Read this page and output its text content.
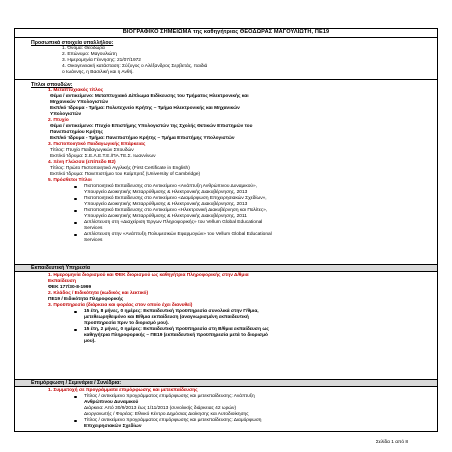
ΒΙΟΓΡΑΦΙΚΟ ΣΗΜΕΙΩΜΑ της καθηγήτριας ΘΕΟΔΩΡΑΣ ΜΑΓΟΥΛΙΩΤΗ, ΠΕ19
Προσωπικά στοιχεία υπαλλήλου:
1. Όνομα: Θεοδώρα
2. Επώνυμο: Μαγουλιώτη
3. Ημερομηνία Γέννησης: 21/07/1972
4. Οικογενειακή κατάσταση: Σύζυγος ο Αλέξανδρος Σερβετάς, παιδιά
ο Ιωάννης, η Βασιλική και η Ανθή.
Τίτλοι σπουδών:
1. Μεταπτυχιακός τίτλος
Θέμα / αντικείμενο: Μεταπτυχιακό Δίπλωμα Ειδίκευσης του Τμήματος Ηλεκτρονικής και
Μηχανικών Υπολογιστών
Εκπ/κό Ίδρυμα - Τμήμα: Πολυτεχνείο Κρήτης – Τμήμα Ηλεκτρονικής και Μηχανικών
Υπολογιστών
2. Πτυχίο
Θέμα / αντικείμενο: Πτυχίο Επιστήμης Υπολογιστών της Σχολής Θετικών Επιστημών του
Πανεπιστημίου Κρήτης
Εκπ/κό Ίδρυμα - Τμήμα: Πανεπιστήμιο Κρήτης – Τμήμα Επιστήμης Υπολογιστών
3. Πιστοποιητικό Παιδαγωγικής Επάρκειας
Τίτλος: Πτυχίο Παιδαγωγικών Σπουδών
Εκπ/κό Ίδρυμα: Σ.Ε.Λ.Ε.Τ.Ε./ΠΑ.ΤΕ.Σ. Ιωαννίνων
4. Ξένη Γλώσσα (επίπεδο Β2)
Τίτλος: Πρώτο Πιστοποιητικό Αγγλικής (First Certificate in English)
Εκπ/κό Ίδρυμα: Πανεπιστήμιο του Καίμπριτζ (University of Cambridge)
5. Πρόσθετοι Τίτλοι
Πιστοποιητικό Εκπαίδευσης στο Αντικείμενο «Ανάπτυξη Ανθρώπινου Δυναμικού»,
Υπουργείο Διοικητικής Μεταρρύθμισης & Ηλεκτρονικής Διακυβέρνησης, 2013
Πιστοποιητικό Εκπαίδευσης στο Αντικείμενο «Διαμόρφωση Επιχειρησιακών Σχεδίων»,
Υπουργείο Διοικητικής Μεταρρύθμισης & Ηλεκτρονικής Διακυβέρνησης, 2013
Πιστοποιητικό Εκπαίδευσης στο Αντικείμενο «Ηλεκτρονική Διακυβέρνηση και Πολίτες»,
Υπουργείο Διοικητικής Μεταρρύθμισης & Ηλεκτρονικής Διακυβέρνησης, 2011
Διπλίστευση στη «Διαχείριση Έργων Πληροφορικής» του Vellum Global Educational
Services
Διπλίστευση στην «Ανάπτυξη Πολυμεσικών Εφαρμογών» του Vellum Global Educational
Services
Εκπαιδευτική Υπηρεσία
1. Ημερομηνία διορισμού και ΦΕΚ διορισμού ως καθηγήτρια Πληροφορικής στην Δ/θμια
Εκπαίδευση
ΦΕΚ 177/30-8-1999
2. Κλάδος / Ειδικότητα (κωδικός και λεκτικό)
ΠΕ19 / Ειδικότητα Πληροφορικής
3. Προϋπηρεσία (διάρκεια και φορέας στον οποίο έχει διανυθεί)
15 έτη, 8 μήνες, 0 ημέρες: Εκπαιδευτική προϋπηρεσία συνολικά στην Γ/θμια,
μετεθεωρηθειμόνο και Β/θμια εκπαίδευση (αναγνωρισμένη εκπαιδευτική
προϋπηρεσία πριν το διορισμό μου).
15 έτη, 2 μήνες, 0 ημέρες: Εκπαιδευτική προϋπηρεσία στη Β/θμια εκπαίδευση ως
καθηγήτρια Πληροφορικής – ΠΕ19 (εκπαιδευτική προϋπηρεσία μετά το διορισμό
μου).
Επιμόρφωση / Σεμινάρια / Συνέδρια:
1. Συμμετοχή σε προγράμματα επιμόρφωσης και μετεκπαίδευσης
Τίτλος / αντικείμενο προγράμματος επιμόρφωσης και μετεκπαίδευσης: Ανάπτυξη
Ανθρώπινου Δυναμικού
Διάρκεια: Από 30/9/2013 έως 1/11/2013 (συνολικής διάρκειας 42 ωρών)
Διοργανωτής / Φορέας: Εθνικό Κέντρο Δημόσιας Διοίκησης και Αυτοδιοίκησης
Τίτλος / αντικείμενο προγράμματος επιμόρφωσης και μετεκπαίδευσης: Διαμόρφωση
Επιχειρησιακών Σχεδίων
Σελίδα 1 από 8
